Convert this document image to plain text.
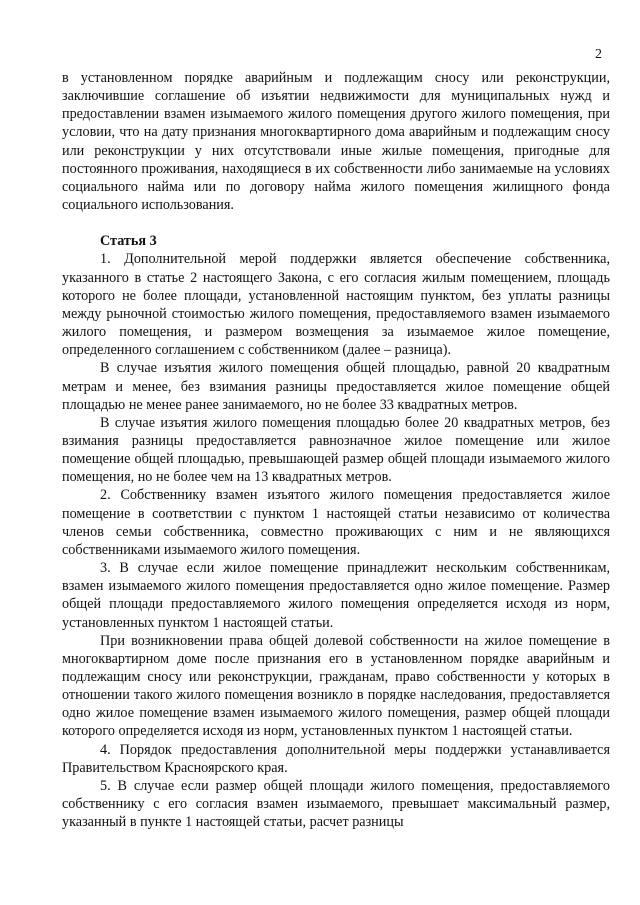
2

в установленном порядке аварийным и подлежащим сносу или реконструкции, заключившие соглашение об изъятии недвижимости для муниципальных нужд и предоставлении взамен изымаемого жилого помещения другого жилого помещения, при условии, что на дату признания многоквартирного дома аварийным и подлежащим сносу или реконструкции у них отсутствовали иные жилые помещения, пригодные для постоянного проживания, находящиеся в их собственности либо занимаемые на условиях социального найма или по договору найма жилого помещения жилищного фонда социального использования.

Статья 3

1. Дополнительной мерой поддержки является обеспечение собственника, указанного в статье 2 настоящего Закона, с его согласия жилым помещением, площадь которого не более площади, установленной настоящим пунктом, без уплаты разницы между рыночной стоимостью жилого помещения, предоставляемого взамен изымаемого жилого помещения, и размером возмещения за изымаемое жилое помещение, определенного соглашением с собственником (далее – разница).

В случае изъятия жилого помещения общей площадью, равной 20 квадратным метрам и менее, без взимания разницы предоставляется жилое помещение общей площадью не менее ранее занимаемого, но не более 33 квадратных метров.

В случае изъятия жилого помещения площадью более 20 квадратных метров, без взимания разницы предоставляется равнозначное жилое помещение или жилое помещение общей площадью, превышающей размер общей площади изымаемого жилого помещения, но не более чем на 13 квадратных метров.

2. Собственнику взамен изъятого жилого помещения предоставляется жилое помещение в соответствии с пунктом 1 настоящей статьи независимо от количества членов семьи собственника, совместно проживающих с ним и не являющихся собственниками изымаемого жилого помещения.

3. В случае если жилое помещение принадлежит нескольким собственникам, взамен изымаемого жилого помещения предоставляется одно жилое помещение. Размер общей площади предоставляемого жилого помещения определяется исходя из норм, установленных пунктом 1 настоящей статьи.

При возникновении права общей долевой собственности на жилое помещение в многоквартирном доме после признания его в установленном порядке аварийным и подлежащим сносу или реконструкции, гражданам, право собственности у которых в отношении такого жилого помещения возникло в порядке наследования, предоставляется одно жилое помещение взамен изымаемого жилого помещения, размер общей площади которого определяется исходя из норм, установленных пунктом 1 настоящей статьи.

4. Порядок предоставления дополнительной меры поддержки устанавливается Правительством Красноярского края.

5. В случае если размер общей площади жилого помещения, предоставляемого собственнику с его согласия взамен изымаемого, превышает максимальный размер, указанный в пункте 1 настоящей статьи, расчет разницы
